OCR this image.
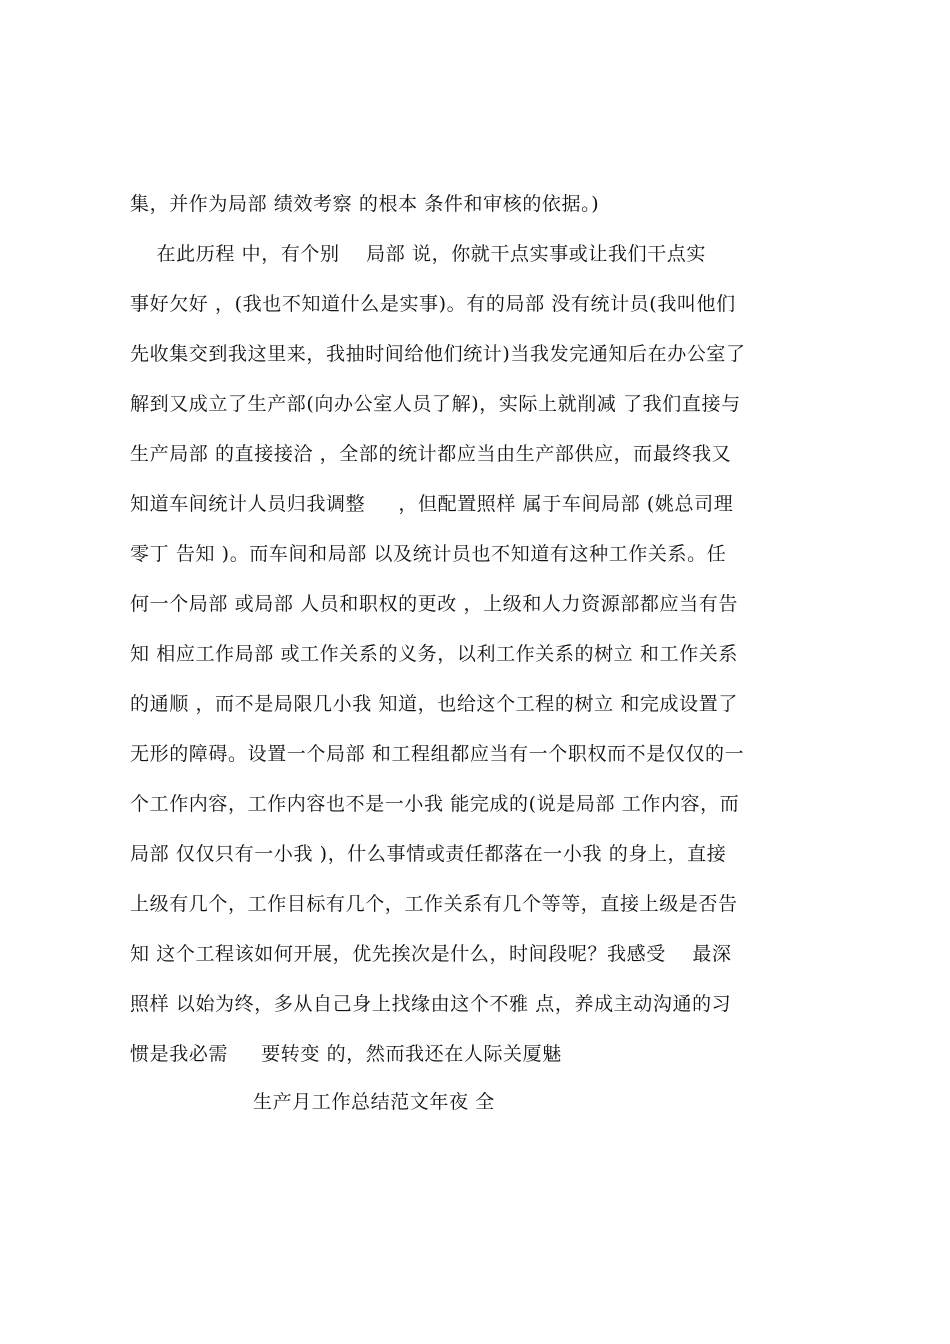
集，并作为局部 绩效考察 的根本 条件和审核的依据。)
在此历程 中，有个别    局部 说，你就干点实事或让我们干点实
事好欠好 ，(我也不知道什么是实事)。有的局部 没有统计员(我叫他们
先收集交到我这里来，我抽时间给他们统计)当我发完通知后在办公室了
解到又成立了生产部(向办公室人员了解)，实际上就削减 了我们直接与
生产局部 的直接接洽 ，全部的统计都应当由生产部供应，而最终我又
知道车间统计人员归我调整     ，但配置照样 属于车间局部 (姚总司理
零丁 告知 )。而车间和局部 以及统计员也不知道有这种工作关系。任
何一个局部 或局部 人员和职权的更改 ，上级和人力资源部都应当有告
知 相应工作局部 或工作关系的义务，以利工作关系的树立 和工作关系
的通顺 ，而不是局限几小我 知道，也给这个工程的树立 和完成设置了
无形的障碍。设置一个局部 和工程组都应当有一个职权而不是仅仅的一
个工作内容，工作内容也不是一小我 能完成的(说是局部 工作内容，而
局部 仅仅只有一小我 )，什么事情或责任都落在一小我 的身上，直接
上级有几个，工作目标有几个，工作关系有几个等等，直接上级是否告
知 这个工程该如何开展，优先挨次是什么，时间段呢？我感受    最深
照样 以始为终，多从自己身上找缘由这个不雅 点，养成主动沟通的习
惯是我必需     要转变 的，然而我还在人际关厦魅
生产月工作总结范文年夜 全
